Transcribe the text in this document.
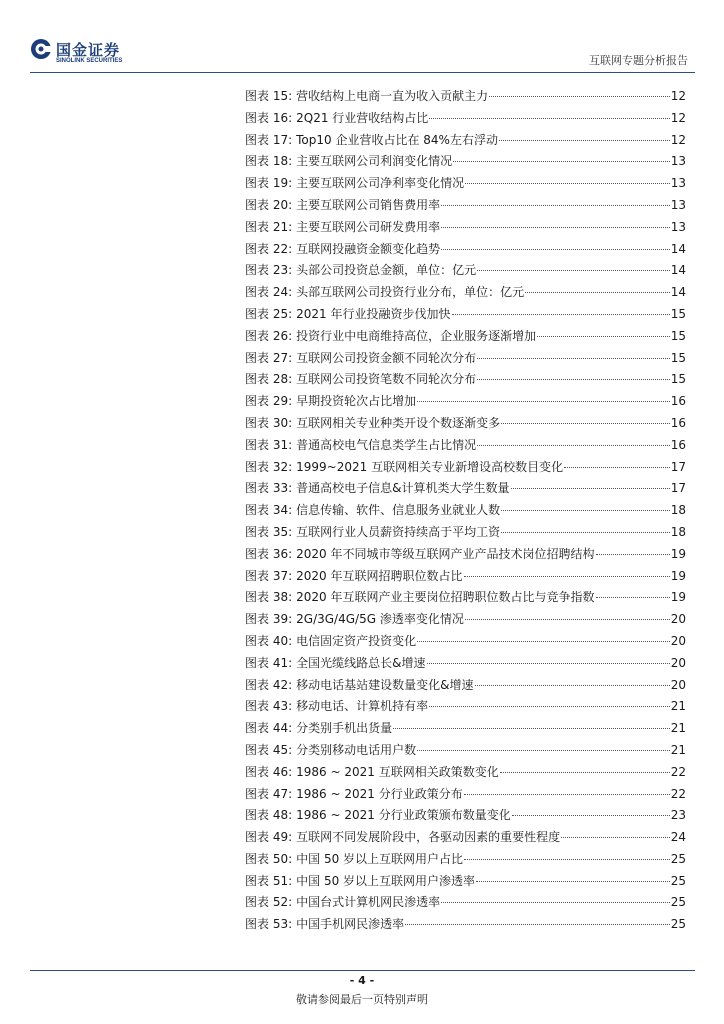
国金证券
SINOLINK SECURITIES	互联网专题分析报告
图表 15: 营收结构上电商一直为收入贡献主力	12
图表 16: 2Q21 行业营收结构占比	12
图表 17: Top10 企业营收占比在 84%左右浮动	12
图表 18: 主要互联网公司利润变化情况	13
图表 19: 主要互联网公司净利率变化情况	13
图表 20: 主要互联网公司销售费用率	13
图表 21: 主要互联网公司研发费用率	13
图表 22: 互联网投融资金额变化趋势	14
图表 23: 头部公司投资总金额，单位：亿元	14
图表 24: 头部互联网公司投资行业分布，单位：亿元	14
图表 25: 2021 年行业投融资步伐加快	15
图表 26: 投资行业中电商维持高位，企业服务逐渐增加	15
图表 27: 互联网公司投资金额不同轮次分布	15
图表 28: 互联网公司投资笔数不同轮次分布	15
图表 29: 早期投资轮次占比增加	16
图表 30: 互联网相关专业种类开设个数逐渐变多	16
图表 31: 普通高校电气信息类学生占比情况	16
图表 32: 1999~2021 互联网相关专业新增设高校数目变化	17
图表 33: 普通高校电子信息&计算机类大学生数量	17
图表 34: 信息传输、软件、信息服务业就业人数	18
图表 35: 互联网行业人员薪资持续高于平均工资	18
图表 36: 2020 年不同城市等级互联网产业产品技术岗位招聘结构	19
图表 37: 2020 年互联网招聘职位数占比	19
图表 38: 2020 年互联网产业主要岗位招聘职位数占比与竞争指数	19
图表 39: 2G/3G/4G/5G 渗透率变化情况	20
图表 40: 电信固定资产投资变化	20
图表 41: 全国光缆线路总长&增速	20
图表 42: 移动电话基站建设数量变化&增速	20
图表 43: 移动电话、计算机持有率	21
图表 44: 分类别手机出货量	21
图表 45: 分类别移动电话用户数	21
图表 46: 1986 ~ 2021 互联网相关政策数变化	22
图表 47: 1986 ~ 2021 分行业政策分布	22
图表 48: 1986 ~ 2021 分行业政策颁布数量变化	23
图表 49: 互联网不同发展阶段中，各驱动因素的重要性程度	24
图表 50: 中国 50 岁以上互联网用户占比	25
图表 51: 中国 50 岁以上互联网用户渗透率	25
图表 52: 中国台式计算机网民渗透率	25
图表 53: 中国手机网民渗透率	25
- 4 -
敬请参阅最后一页特别声明
